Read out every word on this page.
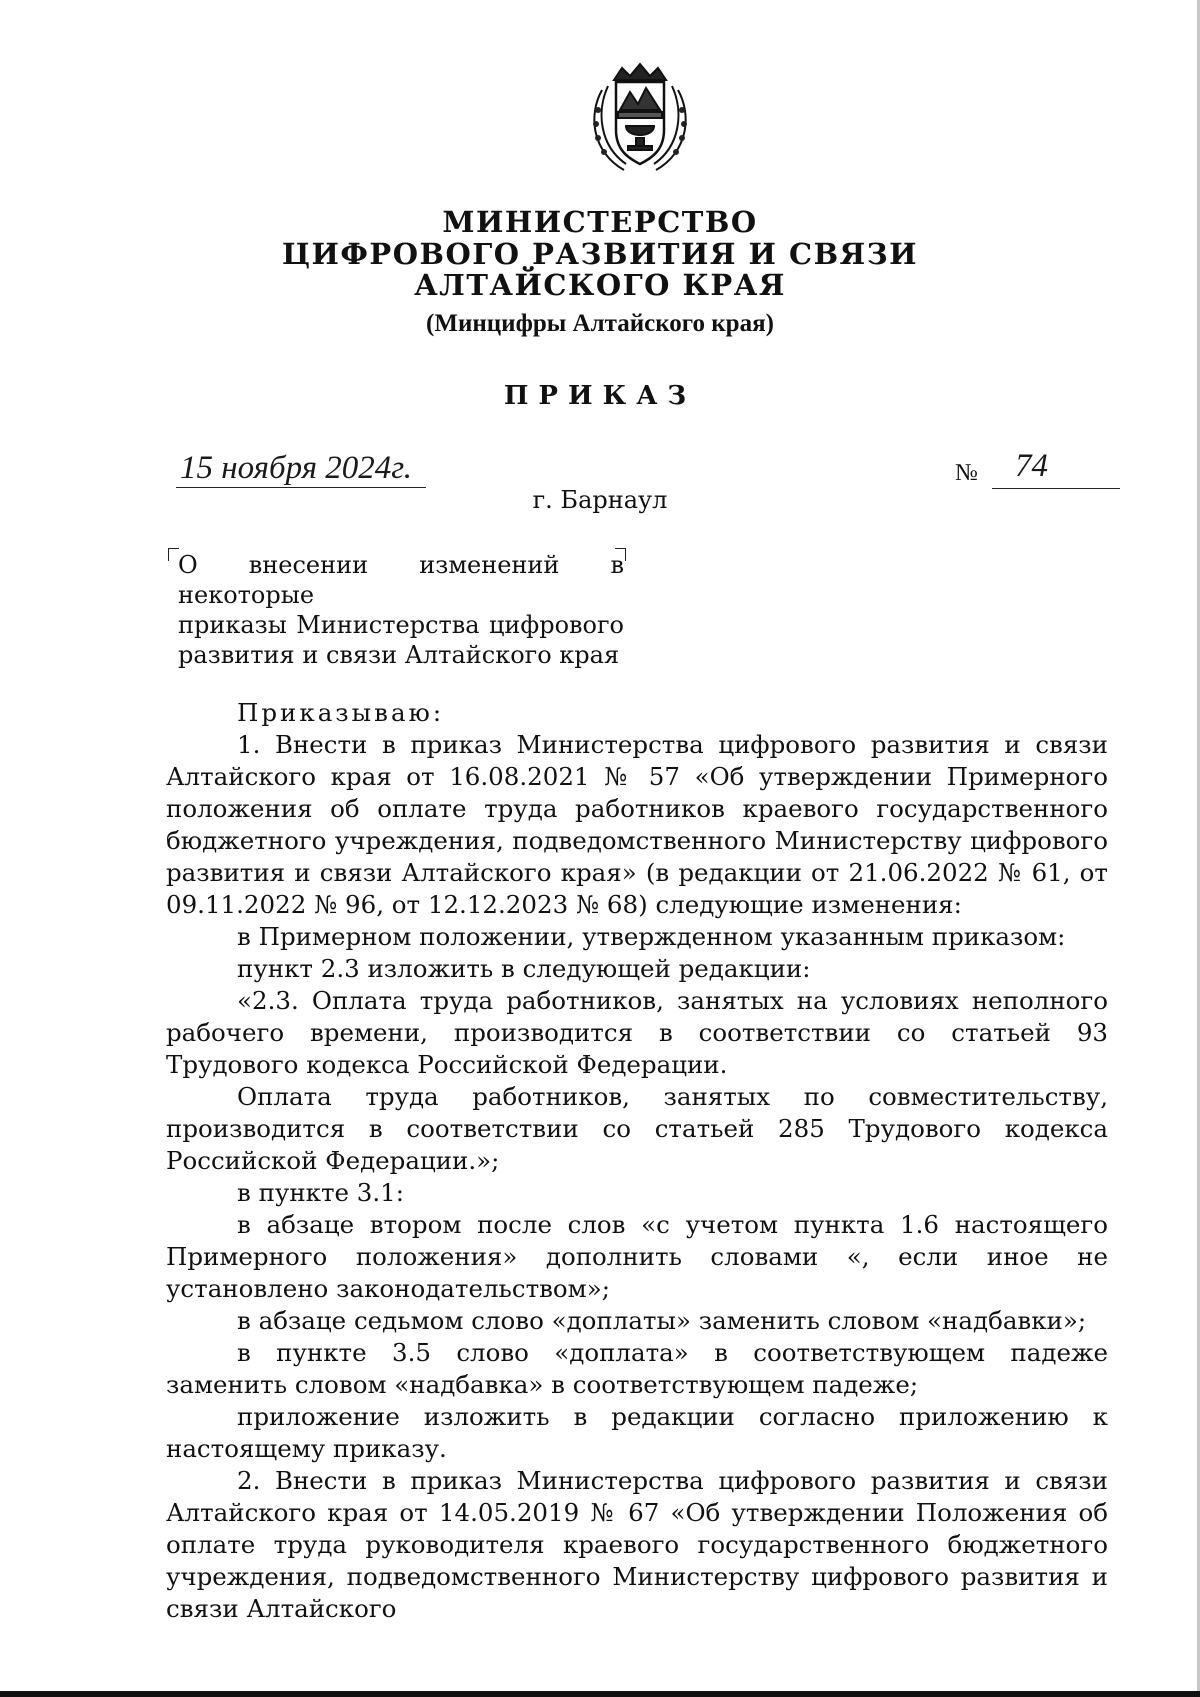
МИНИСТЕРСТВО
ЦИФРОВОГО РАЗВИТИЯ И СВЯЗИ
АЛТАЙСКОГО КРАЯ
(Минцифры Алтайского края)
ПРИКАЗ
15 ноября 2024г.	№ 74
г. Барнаул
О внесении изменений в некоторые
приказы Министерства цифрового
развития и связи Алтайского края

Приказываю:

1. Внести в приказ Министерства цифрового развития и связи Алтайского края от 16.08.2021 № 57 «Об утверждении Примерного положения об оплате труда работников краевого государственного бюджетного учреждения, подведомственного Министерству цифрового развития и связи Алтайского края» (в редакции от 21.06.2022 № 61, от 09.11.2022 № 96, от 12.12.2023 № 68) следующие изменения:

в Примерном положении, утвержденном указанным приказом:

пункт 2.3 изложить в следующей редакции:

«2.3. Оплата труда работников, занятых на условиях неполного рабочего времени, производится в соответствии со статьей 93 Трудового кодекса Российской Федерации.

Оплата труда работников, занятых по совместительству, производится в соответствии со статьей 285 Трудового кодекса Российской Федерации.»;

в пункте 3.1:

в абзаце втором после слов «с учетом пункта 1.6 настоящего Примерного положения» дополнить словами «, если иное не установлено законодательством»;

в абзаце седьмом слово «доплаты» заменить словом «надбавки»;

в пункте 3.5 слово «доплата» в соответствующем падеже заменить словом «надбавка» в соответствующем падеже;

приложение изложить в редакции согласно приложению к настоящему приказу.

2. Внести в приказ Министерства цифрового развития и связи Алтайского края от 14.05.2019 № 67 «Об утверждении Положения об оплате труда руководителя краевого государственного бюджетного учреждения, подведомственного Министерству цифрового развития и связи Алтайского
